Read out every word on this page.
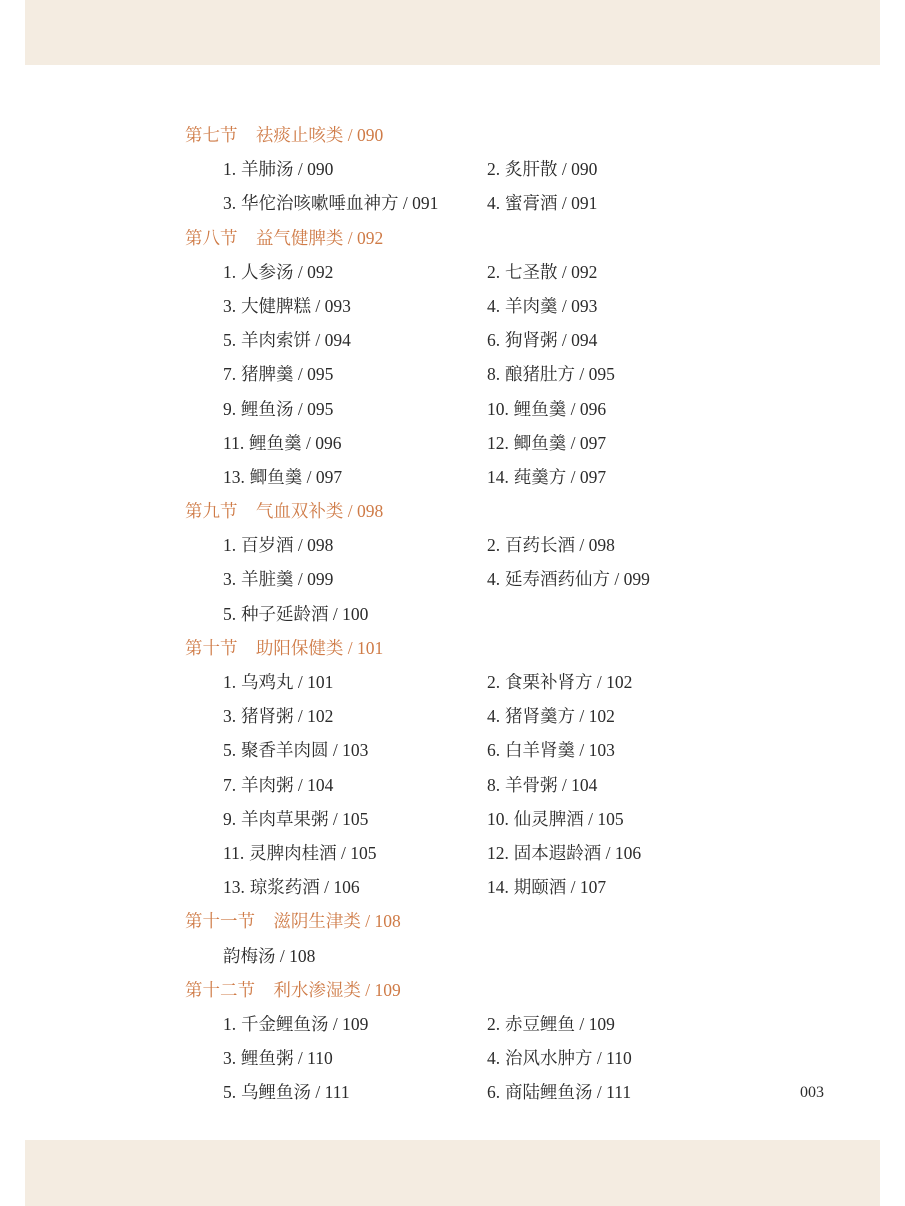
第七节 祛痰止咳类 / 090
1. 羊肺汤 / 090	2. 炙肝散 / 090
3. 华佗治咳嗽唾血神方 / 091	4. 蜜膏酒 / 091
第八节 益气健脾类 / 092
1. 人参汤 / 092	2. 七圣散 / 092
3. 大健脾糕 / 093	4. 羊肉羹 / 093
5. 羊肉索饼 / 094	6. 狗肾粥 / 094
7. 猪脾羹 / 095	8. 酿猪肚方 / 095
9. 鲤鱼汤 / 095	10. 鲤鱼羹 / 096
11. 鲤鱼羹 / 096	12. 鲫鱼羹 / 097
13. 鲫鱼羹 / 097	14. 莼羹方 / 097
第九节 气血双补类 / 098
1. 百岁酒 / 098	2. 百药长酒 / 098
3. 羊脏羹 / 099	4. 延寿酒药仙方 / 099
5. 种子延龄酒 / 100
第十节 助阳保健类 / 101
1. 乌鸡丸 / 101	2. 食栗补肾方 / 102
3. 猪肾粥 / 102	4. 猪肾羹方 / 102
5. 聚香羊肉圆 / 103	6. 白羊肾羹 / 103
7. 羊肉粥 / 104	8. 羊骨粥 / 104
9. 羊肉草果粥 / 105	10. 仙灵脾酒 / 105
11. 灵脾肉桂酒 / 105	12. 固本遐龄酒 / 106
13. 琼浆药酒 / 106	14. 期颐酒 / 107
第十一节 滋阴生津类 / 108
韵梅汤 / 108
第十二节 利水渗湿类 / 109
1. 千金鲤鱼汤 / 109	2. 赤豆鲤鱼 / 109
3. 鲤鱼粥 / 110	4. 治风水肿方 / 110
5. 乌鲤鱼汤 / 111	6. 商陆鲤鱼汤 / 111	003
